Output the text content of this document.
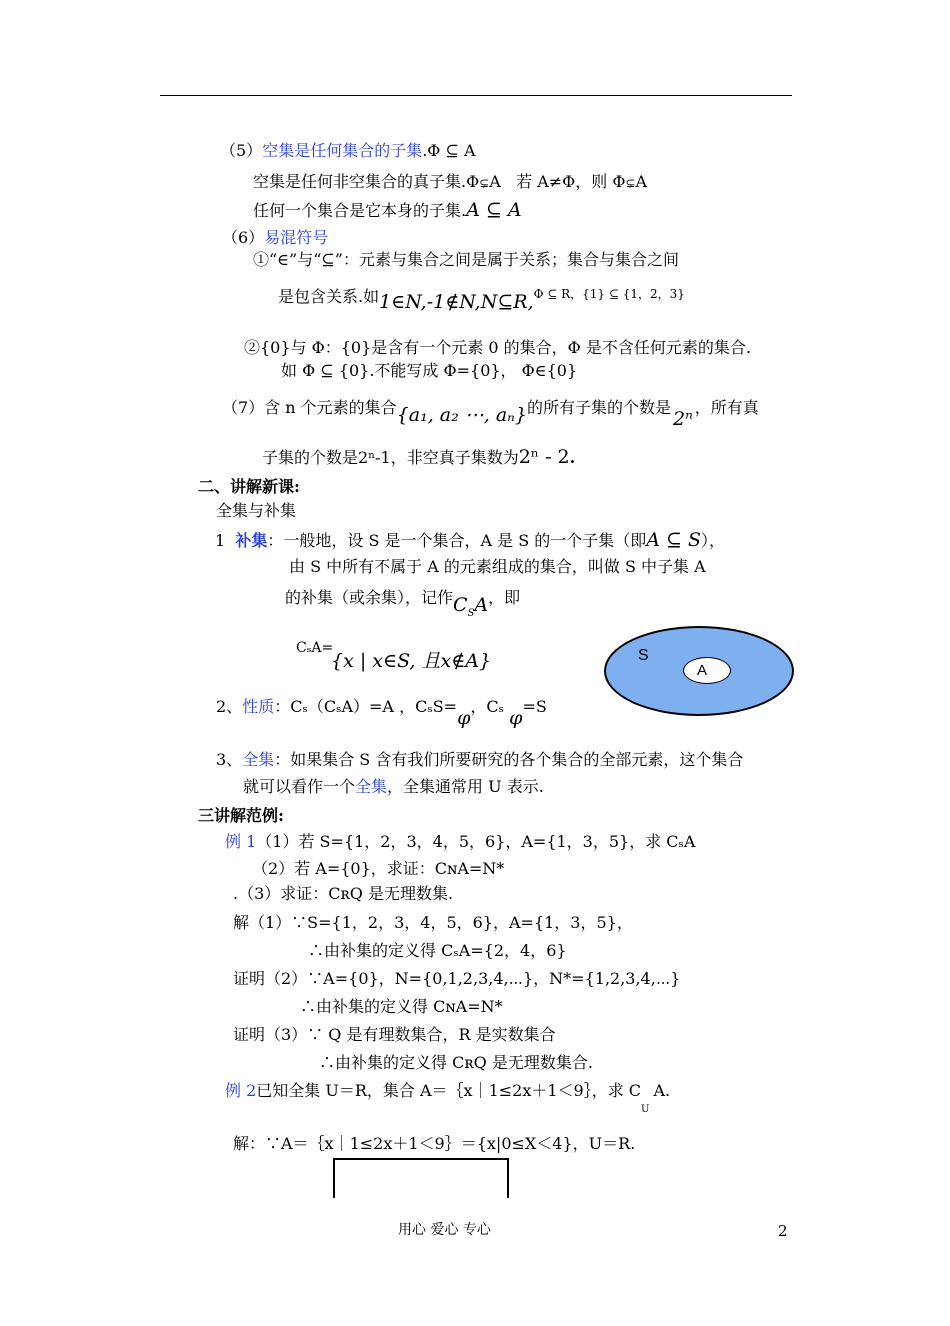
（5）空集是任何集合的子集.Φ ⊆ A
空集是任何非空集合的真子集.Φ⊊A 若 A≠Φ，则 Φ⊊A
任何一个集合是它本身的子集.A ⊆ A
（6）易混符号
①“∈”与“⊆”：元素与集合之间是属于关系；集合与集合之间
是包含关系.如1∈N,-1∉N,N⊆R,$^{\Phi ⊆ R,\{1\} ⊆ \{1,2,3\}}$
②{0}与 Φ：{0}是含有一个元素 0 的集合，Φ 是不含任何元素的集合.
如 Φ ⊆ {0}.不能写成 Φ={0}， Φ∈{0}
（7）含 n 个元素的集合{a₁, a₂ ⋯, aₙ}的所有子集的个数是2ⁿ，所有真
子集的个数是2ⁿ-1，非空真子集数为2ⁿ - 2.
二、讲解新课:
全集与补集
1 补集：一般地，设 S 是一个集合，A 是 S 的一个子集（即A ⊆ S），
由 S 中所有不属于 A 的元素组成的集合，叫做 S 中子集 A
的补集（或余集），记作$C_SA$，即
CₛA=
{x | x∈S, 且x∉A}	S
A
2、性质：Cₛ（CₛA）=A ，CₛS=φ，Cₛ φ=S
3、全集：如果集合 S 含有我们所要研究的各个集合的全部元素，这个集合
就可以看作一个全集，全集通常用 U 表示.
三讲解范例:
例 1（1）若 S={1，2，3，4，5，6}，A={1，3，5}，求 CₛA
（2）若 A={0}，求证：CɴA=N*
.（3）求证：CʀQ 是无理数集.
解（1）∵S={1，2，3，4，5，6}，A={1，3，5}，
∴由补集的定义得 CₛA={2，4，6}
证明（2）∵A={0}，N={0,1,2,3,4,⋯}，N*={1,2,3,4,⋯}
∴由补集的定义得 CɴA=N*
证明（3）∵ Q 是有理数集合，R 是实数集合
∴由补集的定义得 CʀQ 是无理数集合.
例 2已知全集 U＝R，集合 A＝｛x｜1≤2x＋1＜9｝，求 $C_UA$.
解：∵A＝｛x｜1≤2x＋1＜9｝＝{x|0≤X＜4}，U＝R.
用心 爱心 专心	2
